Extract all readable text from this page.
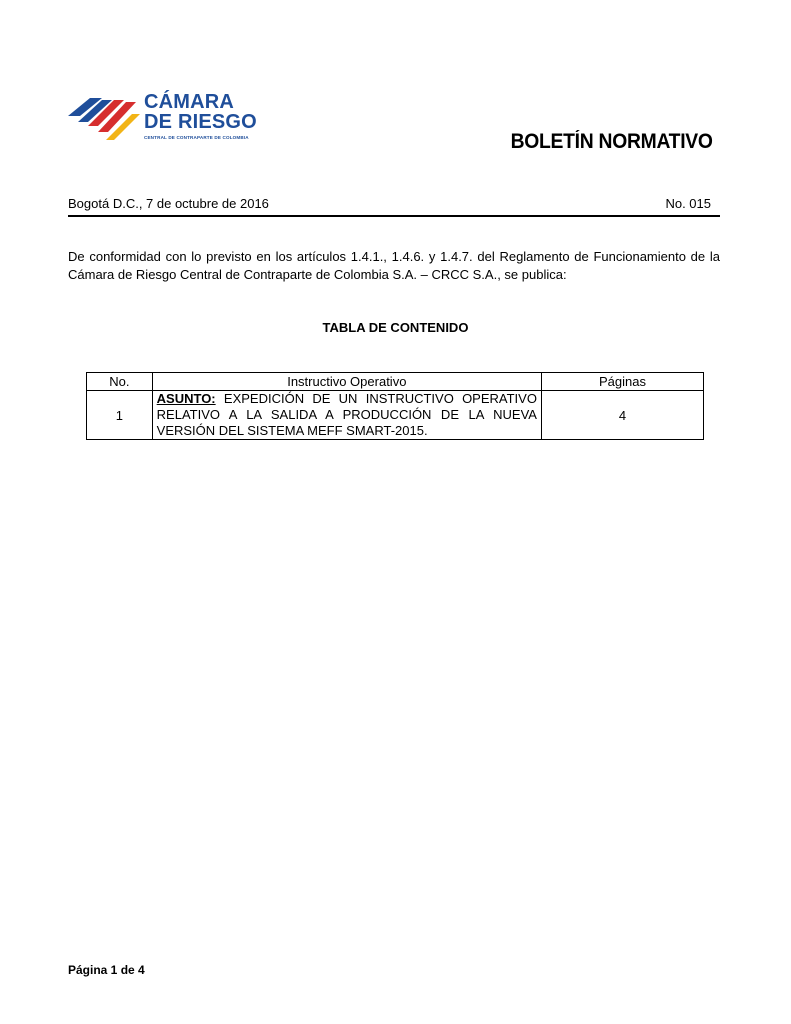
CÁMARA
DE RIESGO
CENTRAL DE CONTRAPARTE DE COLOMBIA	BOLETÍN NORMATIVO
Bogotá D.C., 7 de octubre de 2016	No. 015

De conformidad con lo previsto en los artículos 1.4.1., 1.4.6. y 1.4.7. del Reglamento de Funcionamiento de la Cámara de Riesgo Central de Contraparte de Colombia S.A. – CRCC S.A., se publica:

TABLA DE CONTENIDO
No.	Instructivo Operativo	Páginas
1	ASUNTO: EXPEDICIÓN DE UN INSTRUCTIVO OPERATIVO RELATIVO A LA SALIDA A PRODUCCIÓN DE LA NUEVA VERSIÓN DEL SISTEMA MEFF SMART-2015.	4
Página 1 de 4
